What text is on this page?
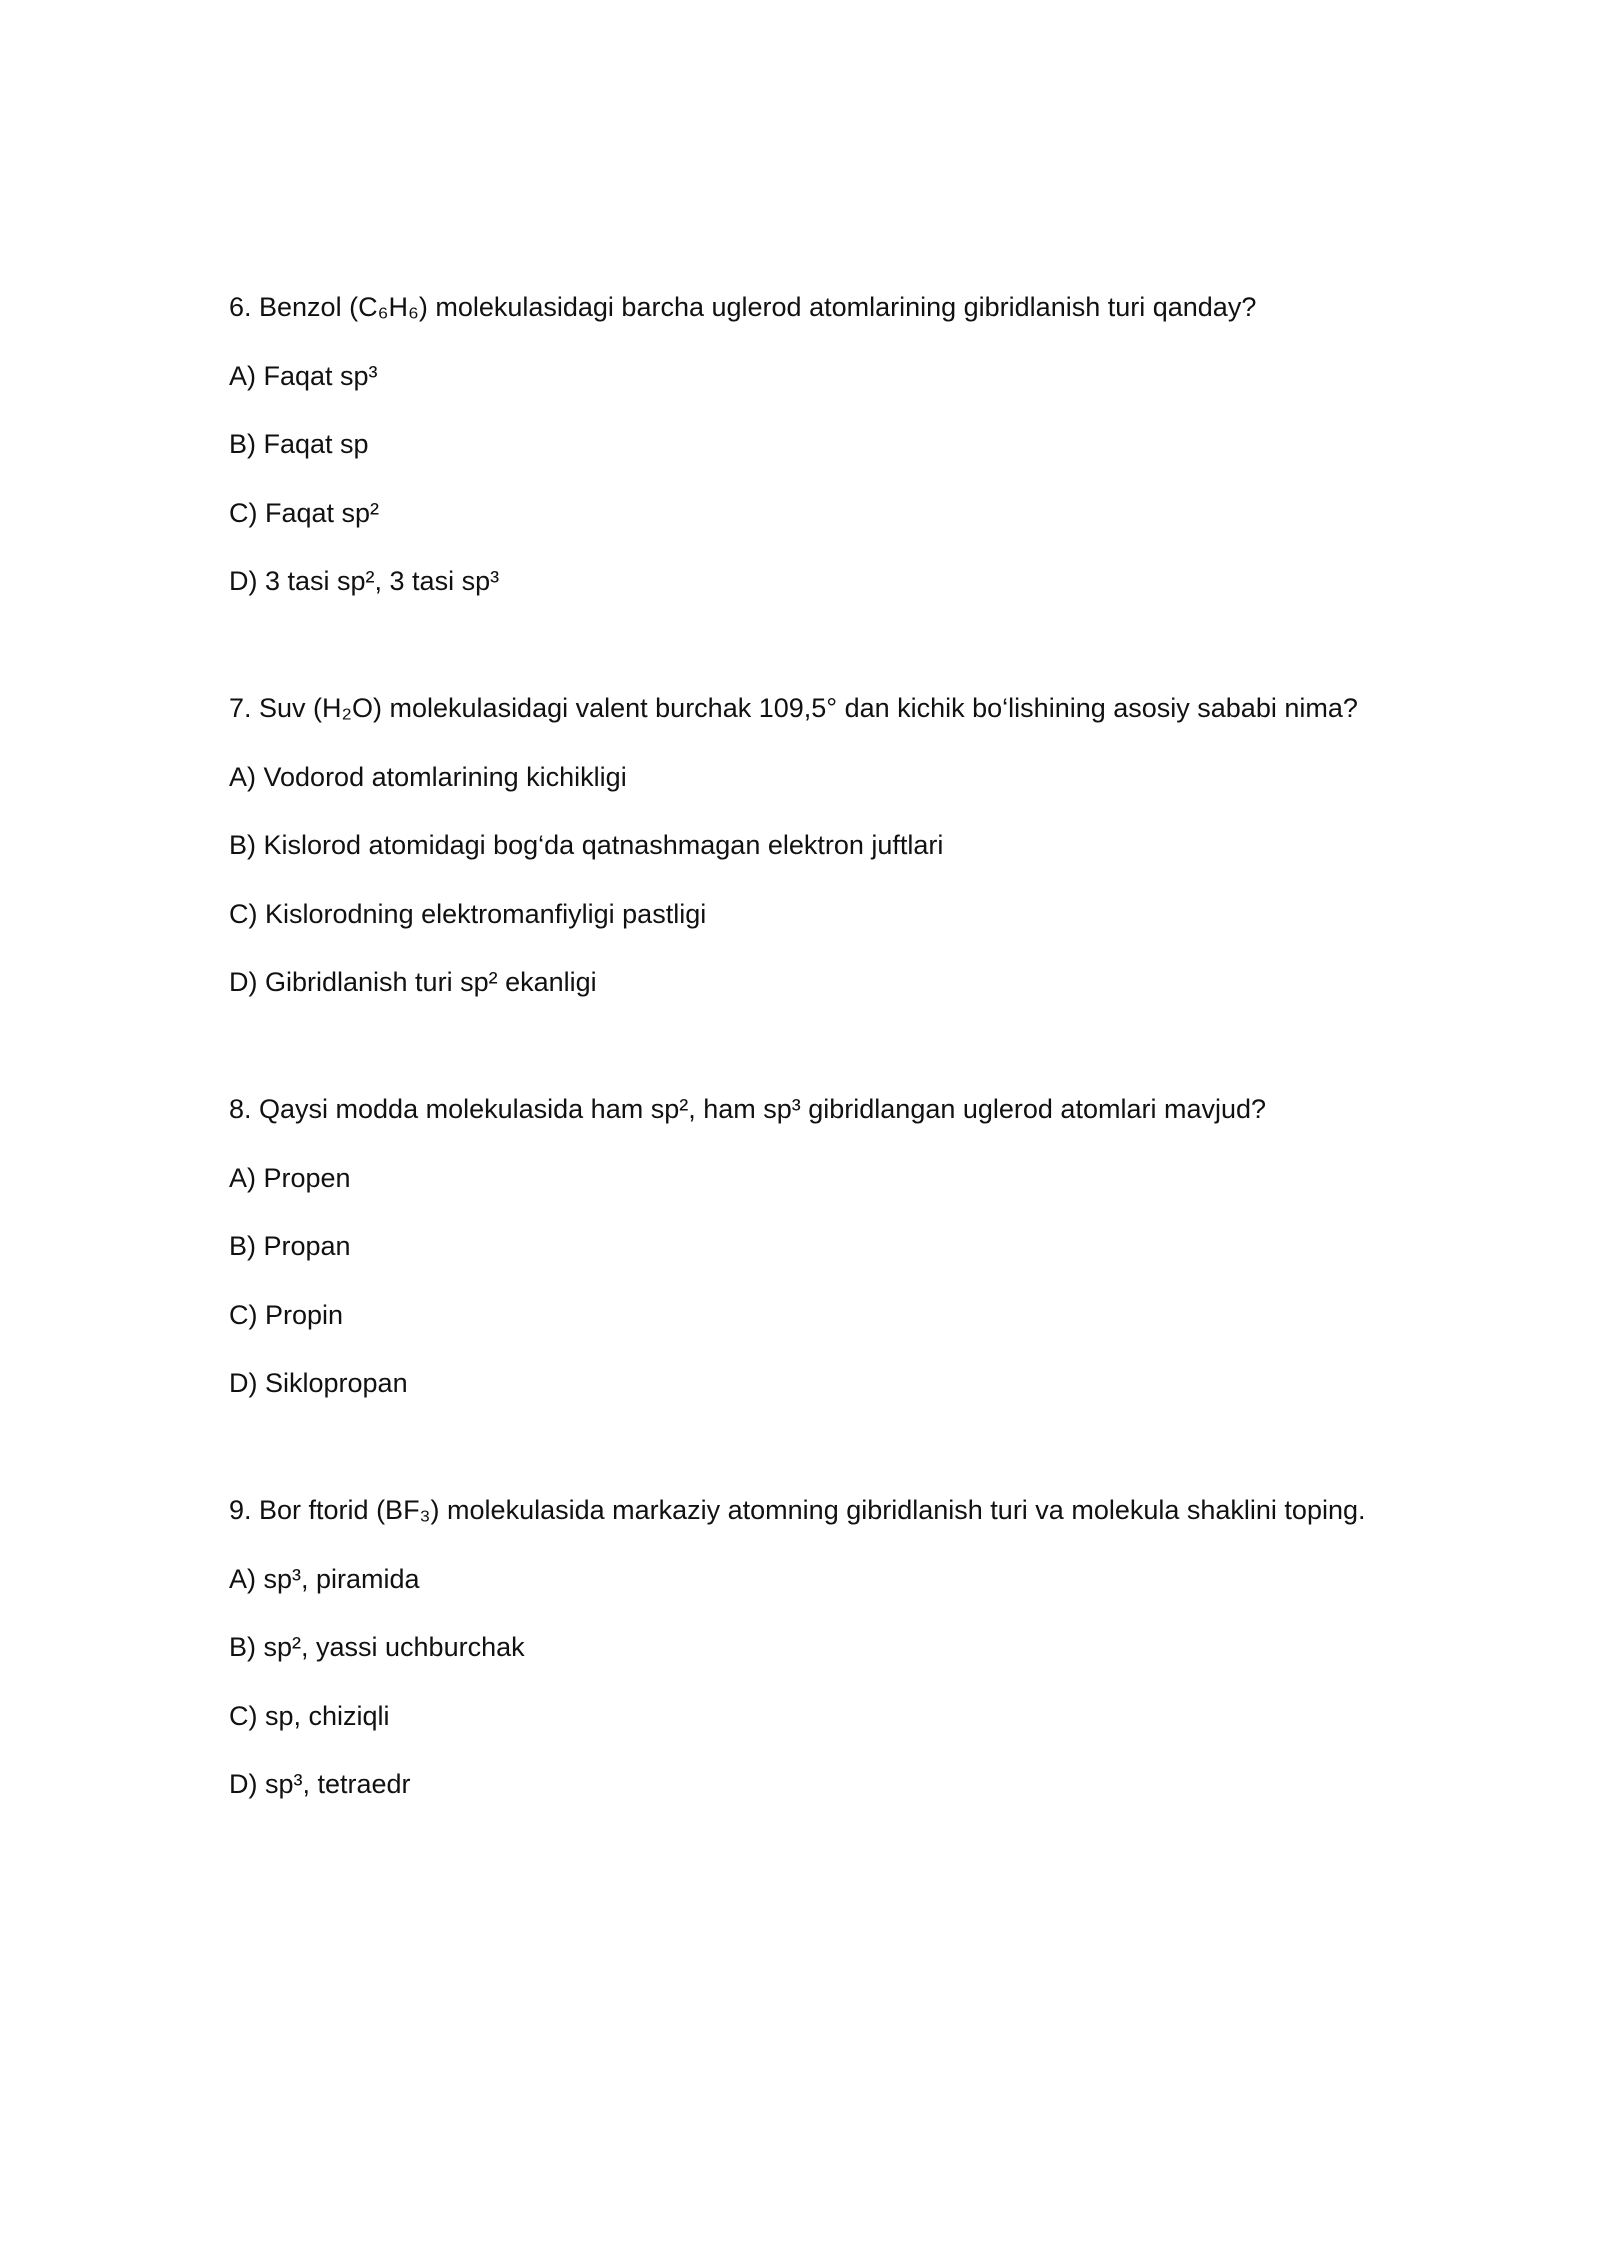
6. Benzol (C₆H₆) molekulasidagi barcha uglerod atomlarining gibridlanish turi qanday?
A) Faqat sp³
B) Faqat sp
C) Faqat sp²
D) 3 tasi sp², 3 tasi sp³
7. Suv (H₂O) molekulasidagi valent burchak 109,5° dan kichik bo‘lishining asosiy sababi nima?
A) Vodorod atomlarining kichikligi
B) Kislorod atomidagi bog‘da qatnashmagan elektron juftlari
C) Kislorodning elektromanfiyligi pastligi
D) Gibridlanish turi sp² ekanligi
8. Qaysi modda molekulasida ham sp², ham sp³ gibridlangan uglerod atomlari mavjud?
A) Propen
B) Propan
C) Propin
D) Siklopropan
9. Bor ftorid (BF₃) molekulasida markaziy atomning gibridlanish turi va molekula shaklini toping.
A) sp³, piramida
B) sp², yassi uchburchak
C) sp, chiziqli
D) sp³, tetraedr
